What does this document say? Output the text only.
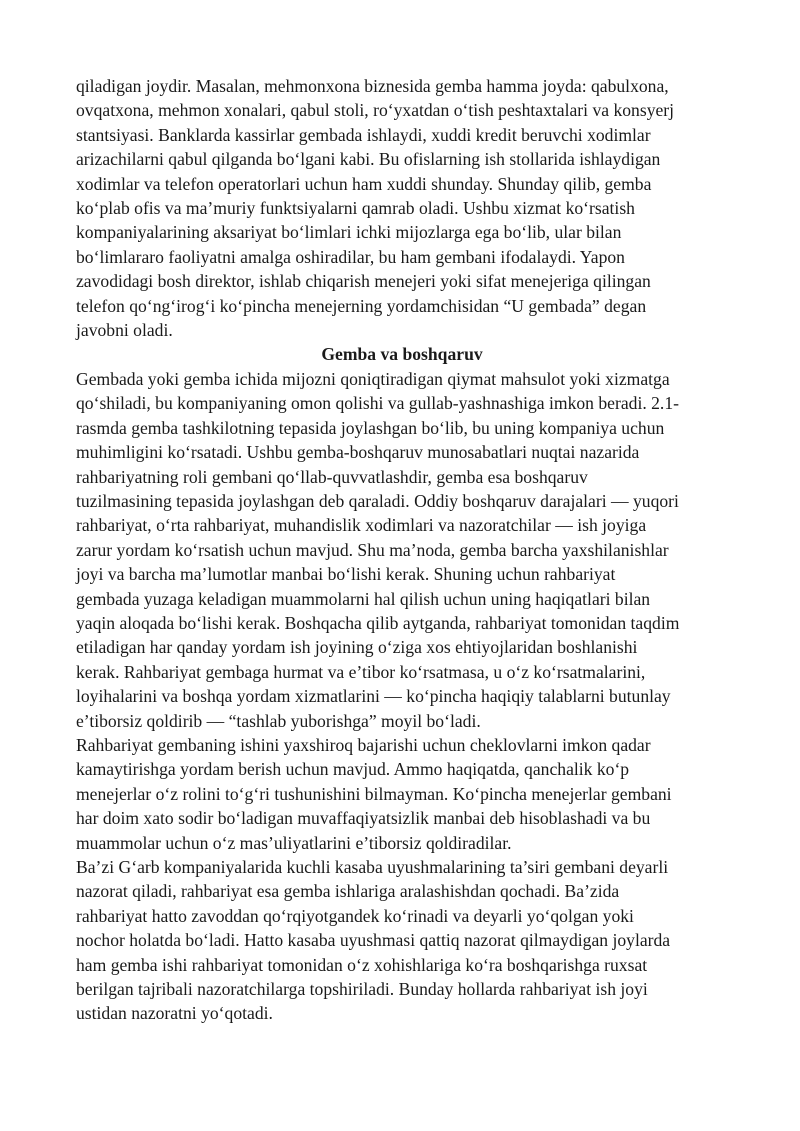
qiladigan joydir. Masalan, mehmonxona biznesida gemba hamma joyda: qabulxona,
ovqatxona, mehmon xonalari, qabul stoli, ro‘yxatdan o‘tish peshtaxtalari va konsyerj
stantsiyasi. Banklarda kassirlar gembada ishlaydi, xuddi kredit beruvchi xodimlar
arizachilarni qabul qilganda bo‘lgani kabi. Bu ofislarning ish stollarida ishlaydigan
xodimlar va telefon operatorlari uchun ham xuddi shunday. Shunday qilib, gemba
ko‘plab ofis va ma’muriy funktsiyalarni qamrab oladi. Ushbu xizmat ko‘rsatish
kompaniyalarining aksariyat bo‘limlari ichki mijozlarga ega bo‘lib, ular bilan
bo‘limlararo faoliyatni amalga oshiradilar, bu ham gembani ifodalaydi. Yapon
zavodidagi bosh direktor, ishlab chiqarish menejeri yoki sifat menejeriga qilingan
telefon qo‘ng‘irog‘i ko‘pincha menejerning yordamchisidan “U gembada” degan
javobni oladi.
Gemba va boshqaruv
Gembada yoki gemba ichida mijozni qoniqtiradigan qiymat mahsulot yoki xizmatga
qo‘shiladi, bu kompaniyaning omon qolishi va gullab-yashnashiga imkon beradi. 2.1-
rasmda gemba tashkilotning tepasida joylashgan bo‘lib, bu uning kompaniya uchun
muhimligini ko‘rsatadi. Ushbu gemba-boshqaruv munosabatlari nuqtai nazarida
rahbariyatning roli gembani qo‘llab-quvvatlashdir, gemba esa boshqaruv
tuzilmasining tepasida joylashgan deb qaraladi. Oddiy boshqaruv darajalari — yuqori
rahbariyat, o‘rta rahbariyat, muhandislik xodimlari va nazoratchilar — ish joyiga
zarur yordam ko‘rsatish uchun mavjud. Shu ma’noda, gemba barcha yaxshilanishlar
joyi va barcha ma’lumotlar manbai bo‘lishi kerak. Shuning uchun rahbariyat
gembada yuzaga keladigan muammolarni hal qilish uchun uning haqiqatlari bilan
yaqin aloqada bo‘lishi kerak. Boshqacha qilib aytganda, rahbariyat tomonidan taqdim
etiladigan har qanday yordam ish joyining o‘ziga xos ehtiyojlaridan boshlanishi
kerak. Rahbariyat gembaga hurmat va e’tibor ko‘rsatmasa, u o‘z ko‘rsatmalarini,
loyihalarini va boshqa yordam xizmatlarini — ko‘pincha haqiqiy talablarni butunlay
e’tiborsiz qoldirib — “tashlab yuborishga” moyil bo‘ladi.
Rahbariyat gembaning ishini yaxshiroq bajarishi uchun cheklovlarni imkon qadar
kamaytirishga yordam berish uchun mavjud. Ammo haqiqatda, qanchalik ko‘p
menejerlar o‘z rolini to‘g‘ri tushunishini bilmayman. Ko‘pincha menejerlar gembani
har doim xato sodir bo‘ladigan muvaffaqiyatsizlik manbai deb hisoblashadi va bu
muammolar uchun o‘z mas’uliyatlarini e’tiborsiz qoldiradilar.
Ba’zi G‘arb kompaniyalarida kuchli kasaba uyushmalarining ta’siri gembani deyarli
nazorat qiladi, rahbariyat esa gemba ishlariga aralashishdan qochadi. Ba’zida
rahbariyat hatto zavoddan qo‘rqiyotgandek ko‘rinadi va deyarli yo‘qolgan yoki
nochor holatda bo‘ladi. Hatto kasaba uyushmasi qattiq nazorat qilmaydigan joylarda
ham gemba ishi rahbariyat tomonidan o‘z xohishlariga ko‘ra boshqarishga ruxsat
berilgan tajribali nazoratchilarga topshiriladi. Bunday hollarda rahbariyat ish joyi
ustidan nazoratni yo‘qotadi.
